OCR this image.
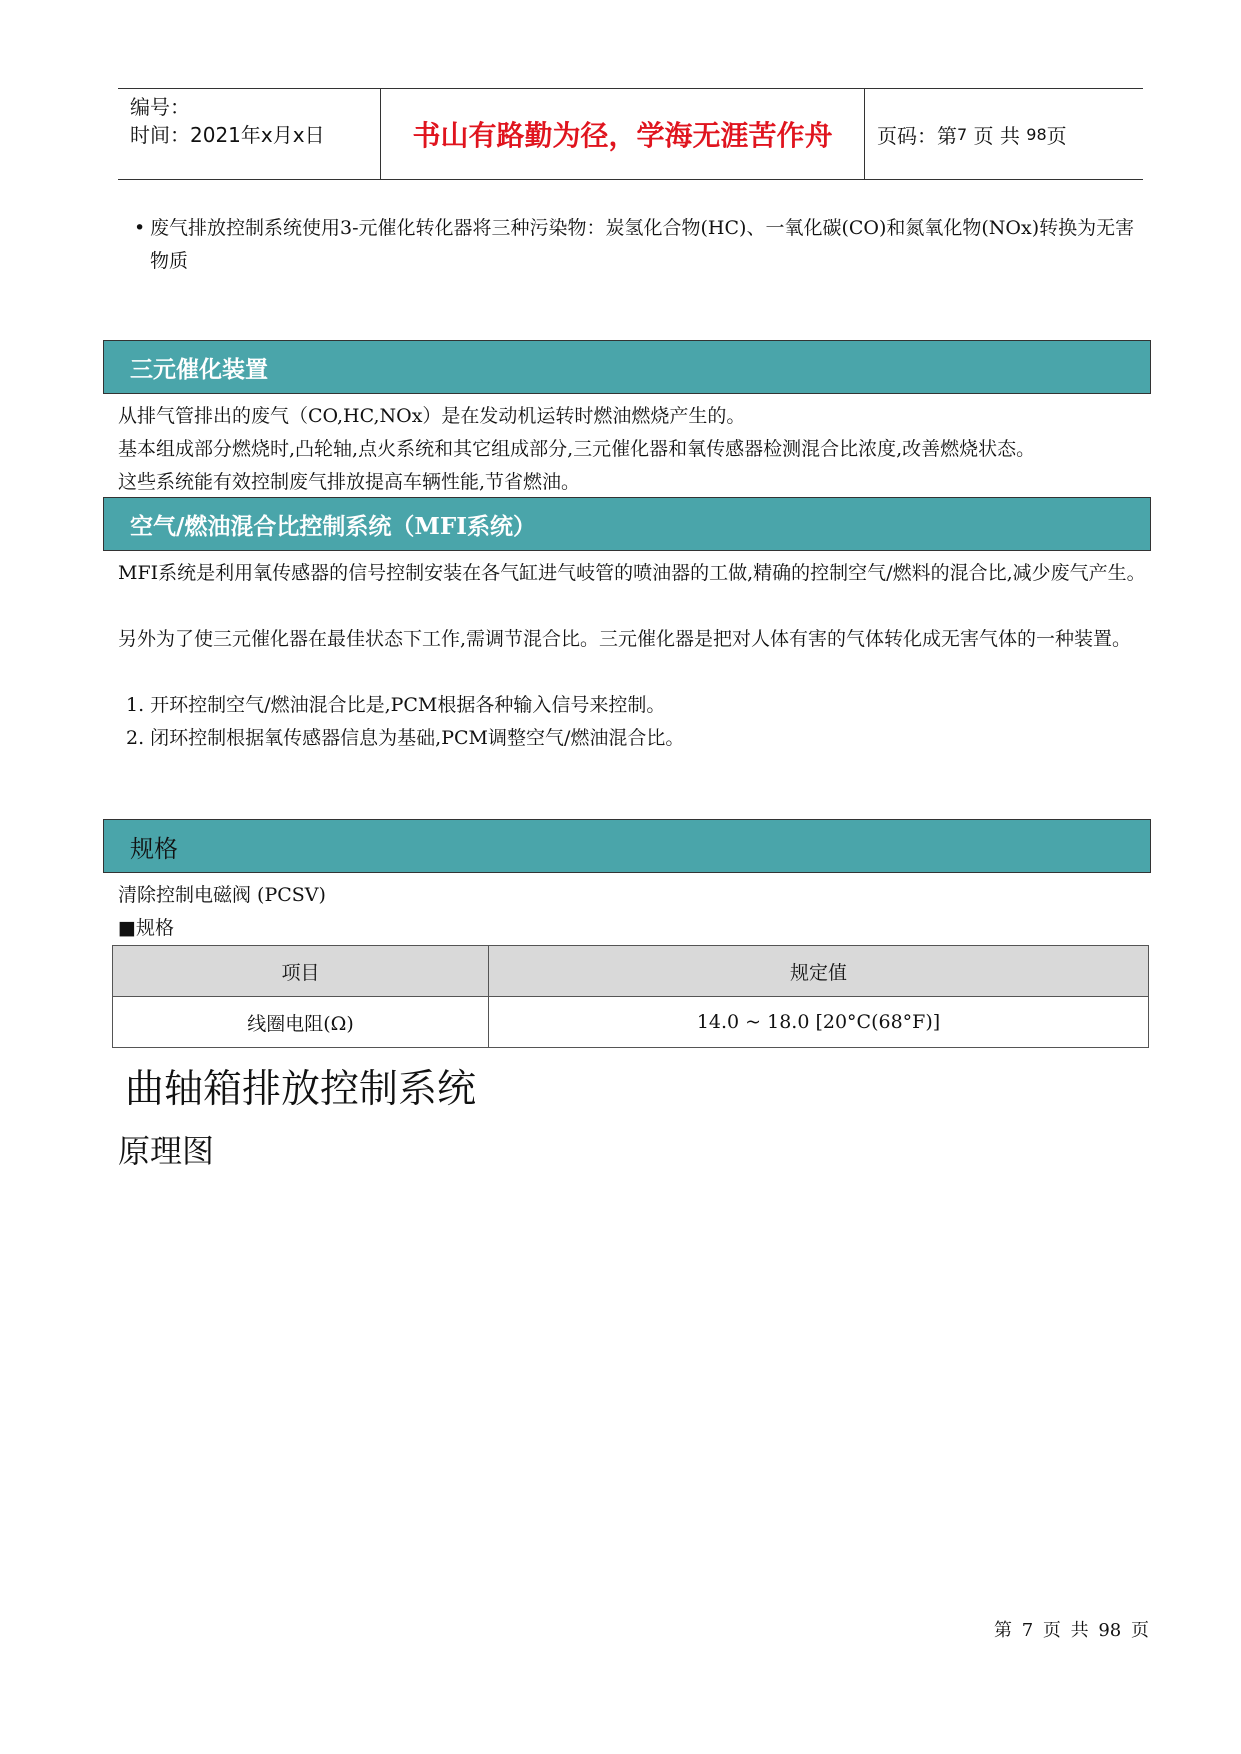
编号：
时间：2021年x月x日	书山有路勤为径，学海无涯苦作舟	页码：第 7
页 共
98 页
• 废气排放控制系统使用3-元催化转化器将三种污染物：炭氢化合物(HC)、一氧化碳(CO)和氮氧化物(NOx)转换为无害物质
三元催化装置
从排气管排出的废气（CO,HC,NOx）是在发动机运转时燃油燃烧产生的。
基本组成部分燃烧时,凸轮轴,点火系统和其它组成部分,三元催化器和氧传感器检测混合比浓度,改善燃烧状态。
这些系统能有效控制废气排放提高车辆性能,节省燃油。
空气/燃油混合比控制系统（MFI系统）
MFI系统是利用氧传感器的信号控制安装在各气缸进气岐管的喷油器的工做,精确的控制空气/燃料的混合比,减少废气产生。
另外为了使三元催化器在最佳状态下工作,需调节混合比。三元催化器是把对人体有害的气体转化成无害气体的一种装置。
1. 开环控制空气/燃油混合比是,PCM根据各种输入信号来控制。
2. 闭环控制根据氧传感器信息为基础,PCM调整空气/燃油混合比。
规格
清除控制电磁阀 (PCSV)
■规格
项目	规定值
线圈电阻(Ω)	14.0 ~ 18.0 [20°C(68°F)]
曲轴箱排放控制系统
原理图
第 7 页 共 98 页
